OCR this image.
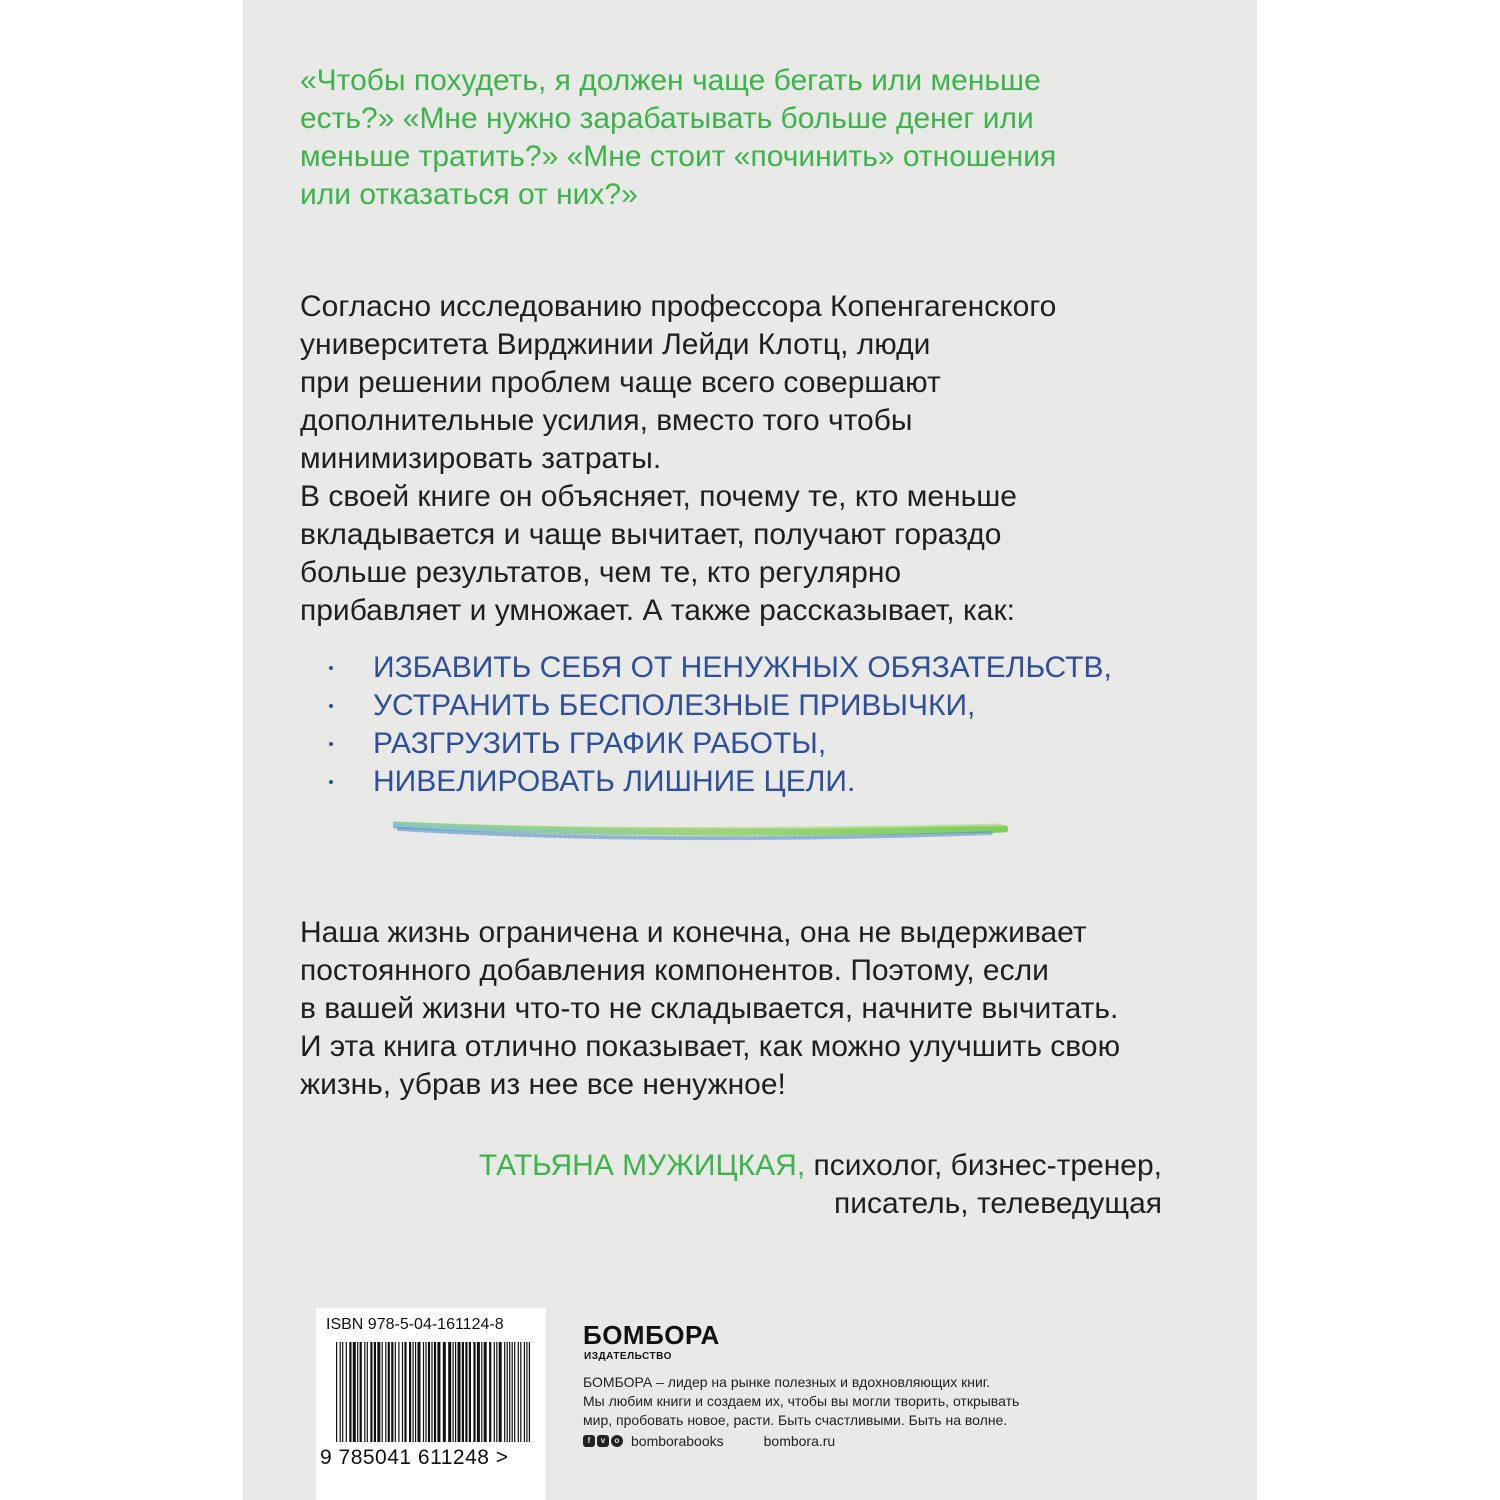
«Чтобы похудеть, я должен чаще бегать или меньше
есть?» «Мне нужно зарабатывать больше денег или
меньше тратить?» «Мне стоит «починить» отношения
или отказаться от них?»
Согласно исследованию профессора Копенгагенского
университета Вирджинии Лейди Клотц, люди
при решении проблем чаще всего совершают
дополнительные усилия, вместо того чтобы
минимизировать затраты.
В своей книге он объясняет, почему те, кто меньше
вкладывается и чаще вычитает, получают гораздо
больше результатов, чем те, кто регулярно
прибавляет и умножает. А также рассказывает, как:
ИЗБАВИТЬ СЕБЯ ОТ НЕНУЖНЫХ ОБЯЗАТЕЛЬСТВ,
УСТРАНИТЬ БЕСПОЛЕЗНЫЕ ПРИВЫЧКИ,
РАЗГРУЗИТЬ ГРАФИК РАБОТЫ,
НИВЕЛИРОВАТЬ ЛИШНИЕ ЦЕЛИ.
Наша жизнь ограничена и конечна, она не выдерживает
постоянного добавления компонентов. Поэтому, если
в вашей жизни что-то не складывается, начните вычитать.
И эта книга отлично показывает, как можно улучшить свою
жизнь, убрав из нее все ненужное!
ТАТЬЯНА МУЖИЦКАЯ, психолог, бизнес-тренер,
писатель, телеведущая
ISBN 978-5-04-161124-8
9 785041 611248 >
БОМБОРА
ИЗДАТЕЛЬСТВО
БОМБОРА – лидер на рынке полезных и вдохновляющих книг.
Мы любим книги и создаем их, чтобы вы могли творить, открывать
мир, пробовать новое, расти. Быть счастливыми. Быть на волне.
f	v	o bomborabooks	bombora.ru
